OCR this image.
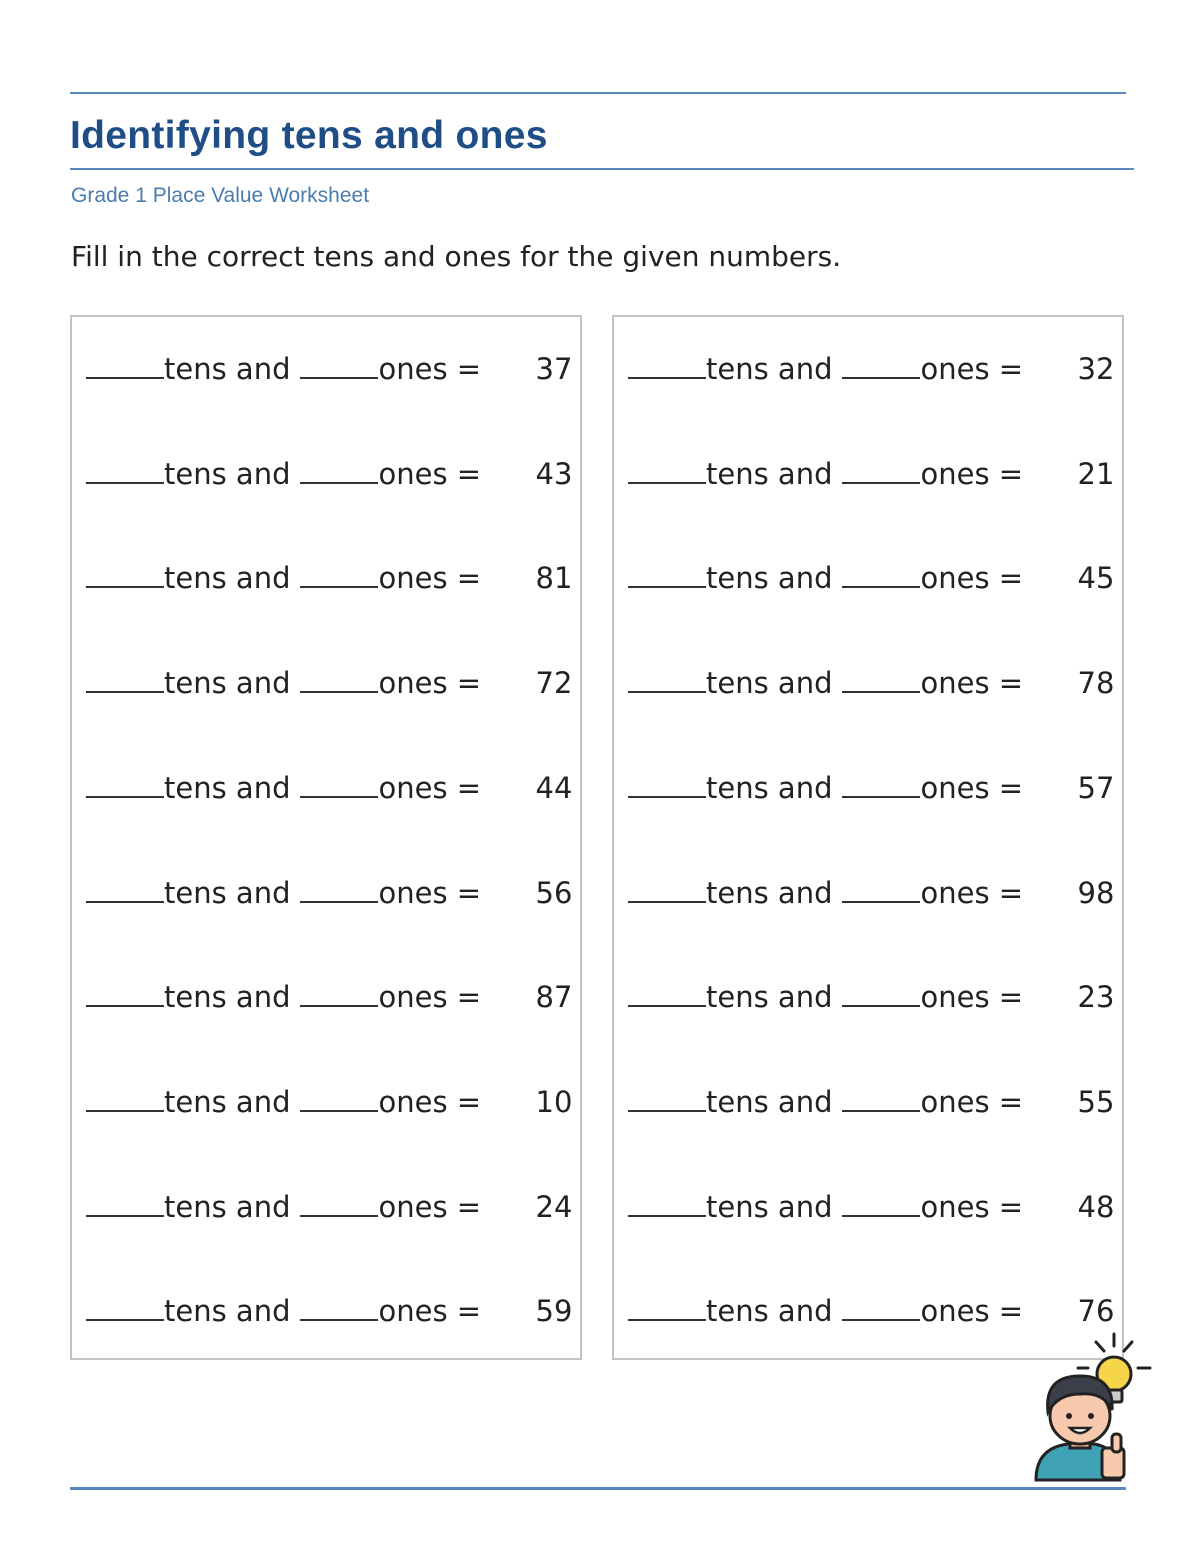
Identifying tens and ones
Grade 1 Place Value Worksheet
Fill in the correct tens and ones for the given numbers.
tens and	ones =	37
tens and	ones =	43
tens and	ones =	81
tens and	ones =	72
tens and	ones =	44
tens and	ones =	56
tens and	ones =	87
tens and	ones =	10
tens and	ones =	24
tens and	ones =	59
tens and	ones =	32
tens and	ones =	21
tens and	ones =	45
tens and	ones =	78
tens and	ones =	57
tens and	ones =	98
tens and	ones =	23
tens and	ones =	55
tens and	ones =	48
tens and	ones =	76
